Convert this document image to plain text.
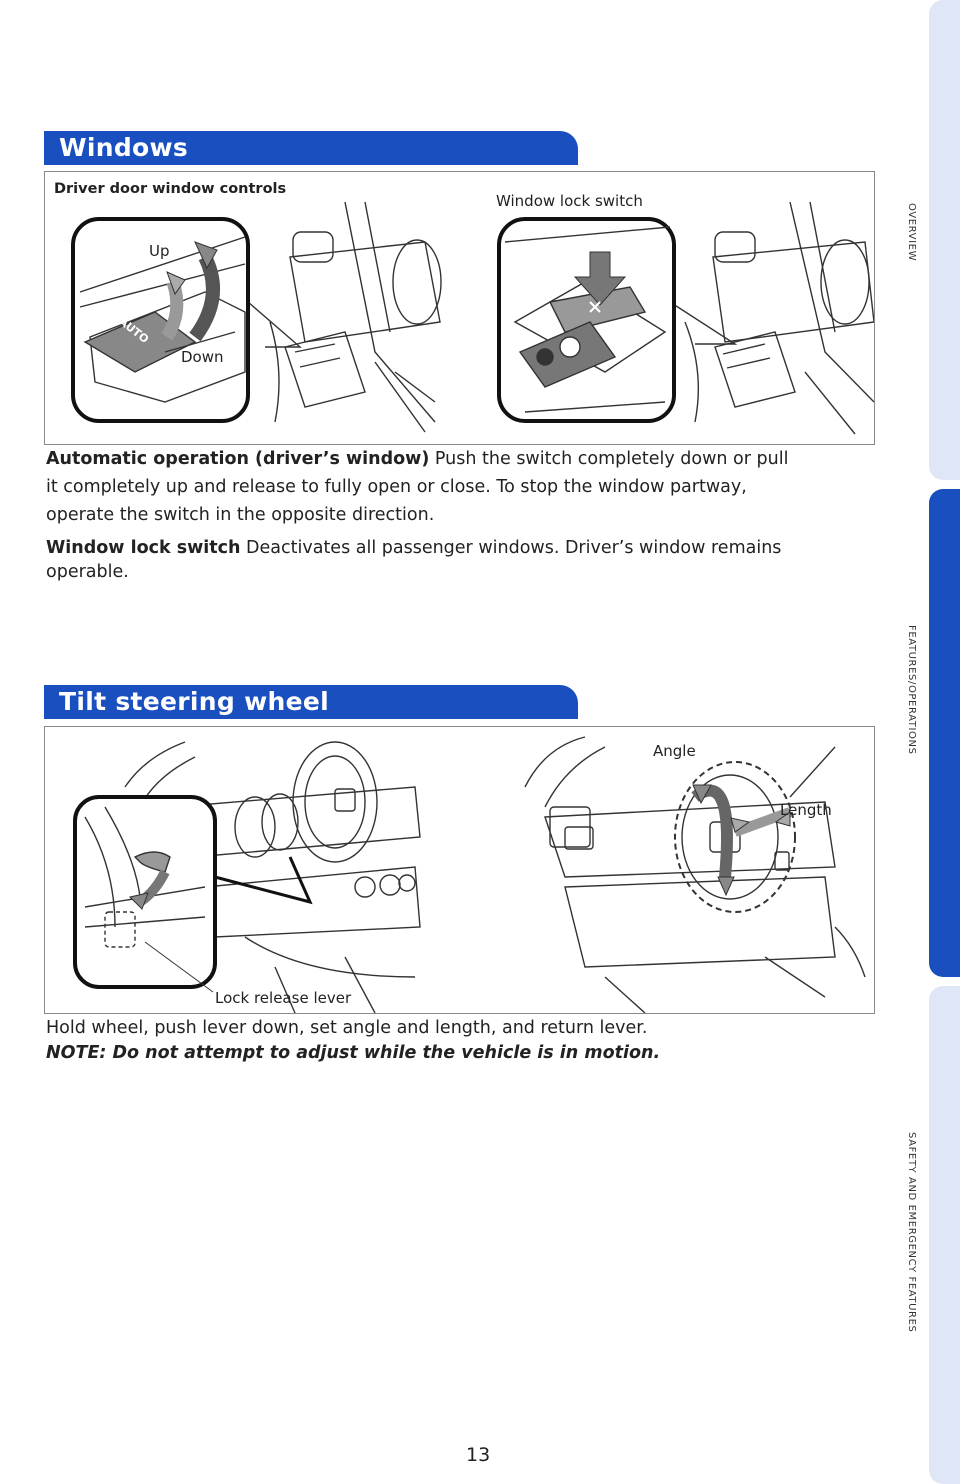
OVERVIEW
FEATURES/OPERATIONS
SAFETY AND EMERGENCY FEATURES
Windows
Driver door window controls
Window lock switch
AUTO
Up
Down
Automatic operation (driver’s window) Push the switch completely down or pull
it completely up and release to fully open or close. To stop the window partway,
operate the switch in the opposite direction.
Window lock switch Deactivates all passenger windows. Driver’s window remains
operable.
Tilt steering wheel
Angle
Length
Lock release lever
Hold wheel, push lever down, set angle and length, and return lever.
NOTE: Do not attempt to adjust while the vehicle is in motion.
13
